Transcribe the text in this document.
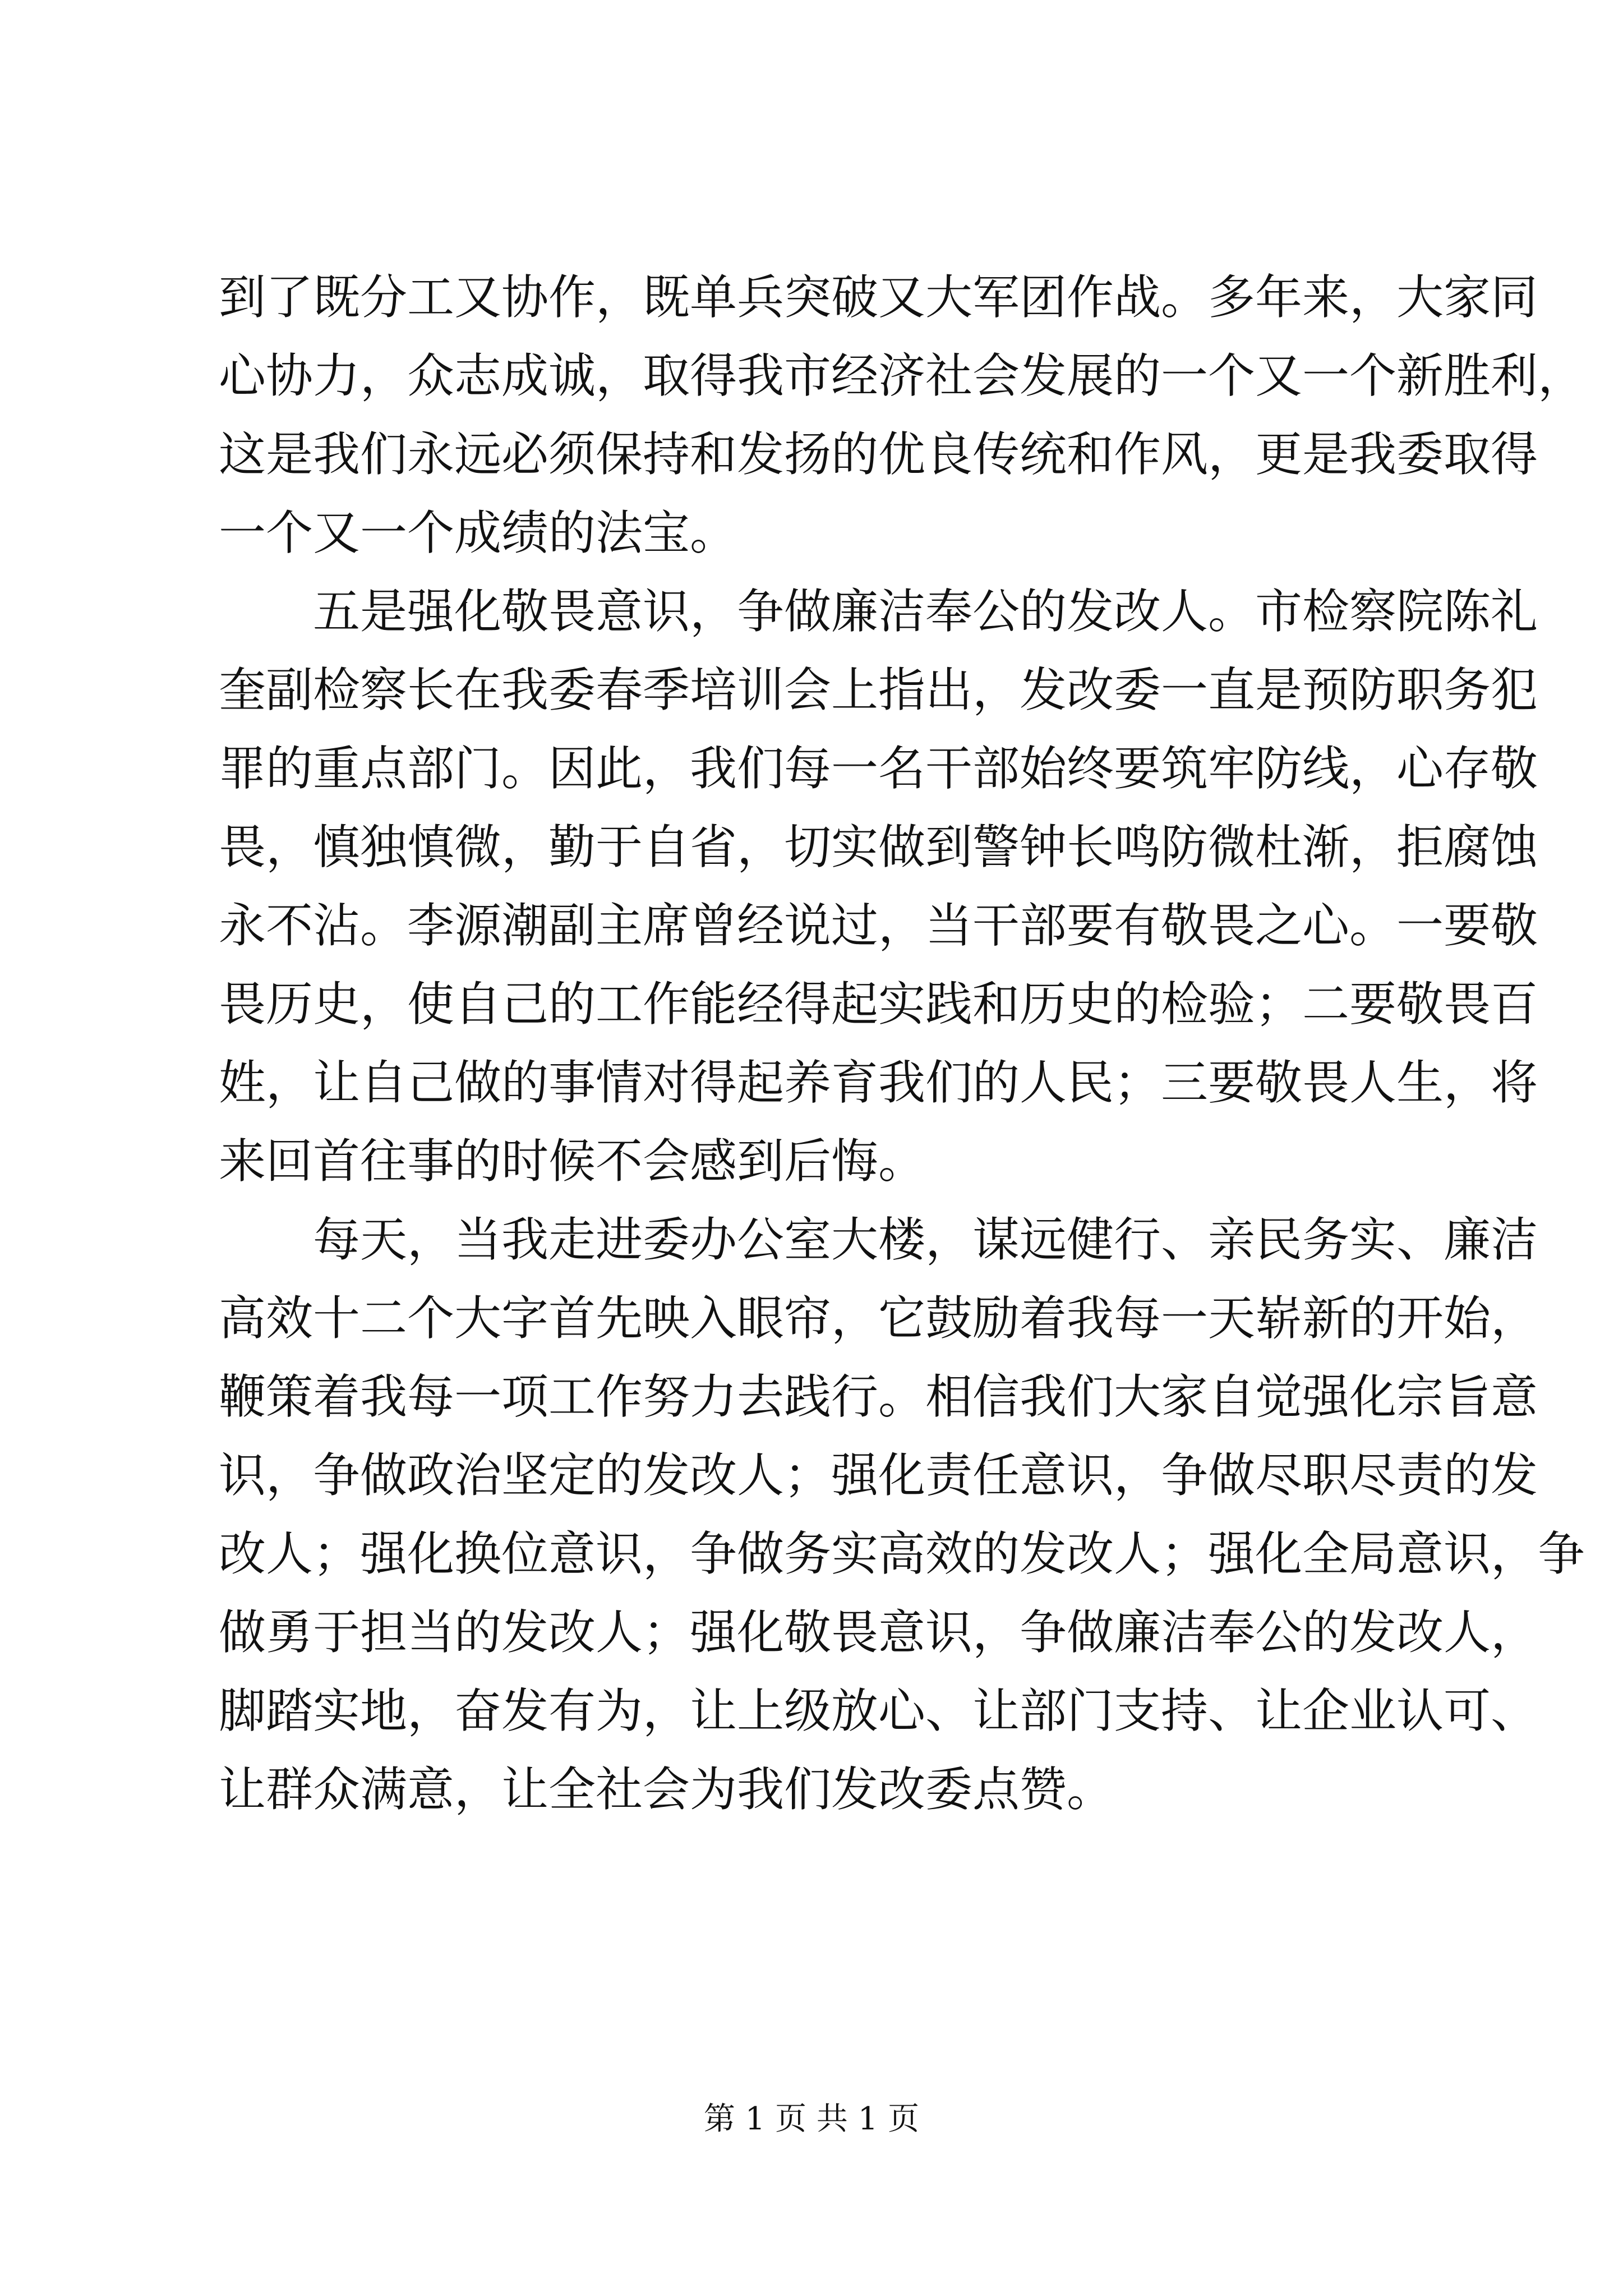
到了既分工又协作，既单兵突破又大军团作战。多年来，大家同
心协力，众志成诚，取得我市经济社会发展的一个又一个新胜利，
这是我们永远必须保持和发扬的优良传统和作风，更是我委取得
一个又一个成绩的法宝。
　　五是强化敬畏意识，争做廉洁奉公的发改人。市检察院陈礼
奎副检察长在我委春季培训会上指出，发改委一直是预防职务犯
罪的重点部门。因此，我们每一名干部始终要筑牢防线，心存敬
畏，慎独慎微，勤于自省，切实做到警钟长鸣防微杜渐，拒腐蚀
永不沾。李源潮副主席曾经说过，当干部要有敬畏之心。一要敬
畏历史，使自己的工作能经得起实践和历史的检验；二要敬畏百
姓，让自己做的事情对得起养育我们的人民；三要敬畏人生，将
来回首往事的时候不会感到后悔。
　　每天，当我走进委办公室大楼，谋远健行、亲民务实、廉洁
高效十二个大字首先映入眼帘，它鼓励着我每一天崭新的开始，
鞭策着我每一项工作努力去践行。相信我们大家自觉强化宗旨意
识，争做政治坚定的发改人；强化责任意识，争做尽职尽责的发
改人；强化换位意识，争做务实高效的发改人；强化全局意识，争
做勇于担当的发改人；强化敬畏意识，争做廉洁奉公的发改人，
脚踏实地，奋发有为，让上级放心、让部门支持、让企业认可、
让群众满意，让全社会为我们发改委点赞。
第 1 页 共 1 页
